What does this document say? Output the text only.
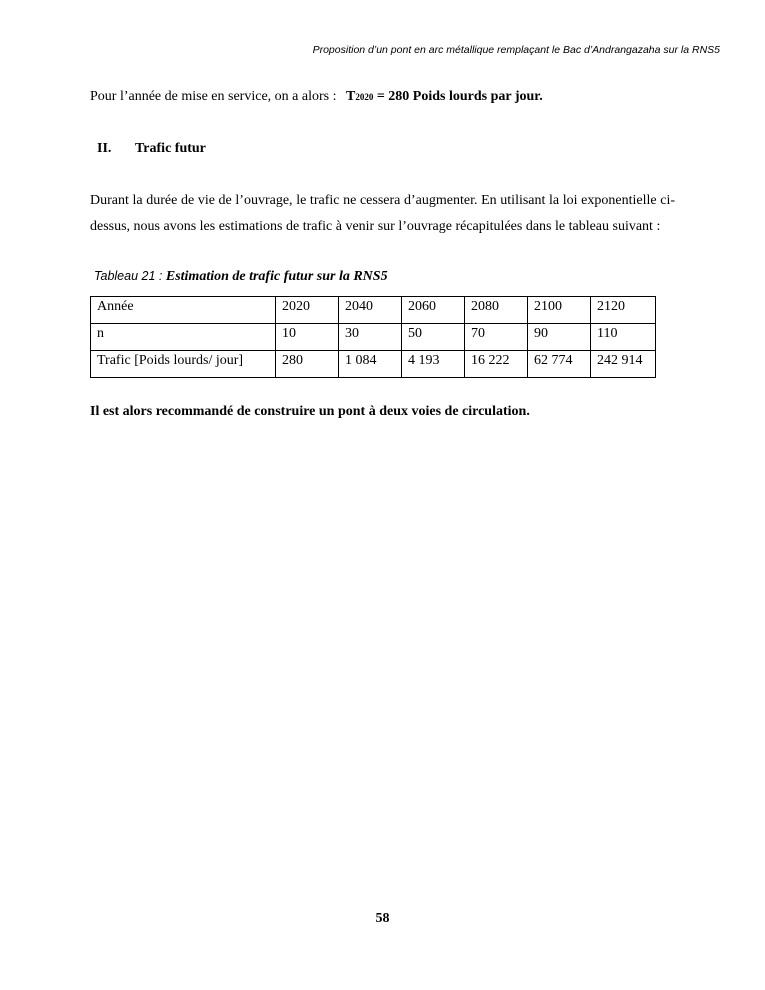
Proposition d’un pont en arc métallique remplaçant le Bac d’Andrangazaha sur la RNS5
Pour l’année de mise en service, on a alors : T2020 = 280 Poids lourds par jour.
II. Trafic futur
Durant la durée de vie de l’ouvrage, le trafic ne cessera d’augmenter. En utilisant la loi exponentielle ci-dessus, nous avons les estimations de trafic à venir sur l’ouvrage récapitulées dans le tableau suivant :
Tableau 21 : Estimation de trafic futur sur la RNS5
Année	2020	2040	2060	2080	2100	2120
n	10	30	50	70	90	110
Trafic [Poids lourds/ jour]	280	1 084	4 193	16 222	62 774	242 914
Il est alors recommandé de construire un pont à deux voies de circulation.
58
